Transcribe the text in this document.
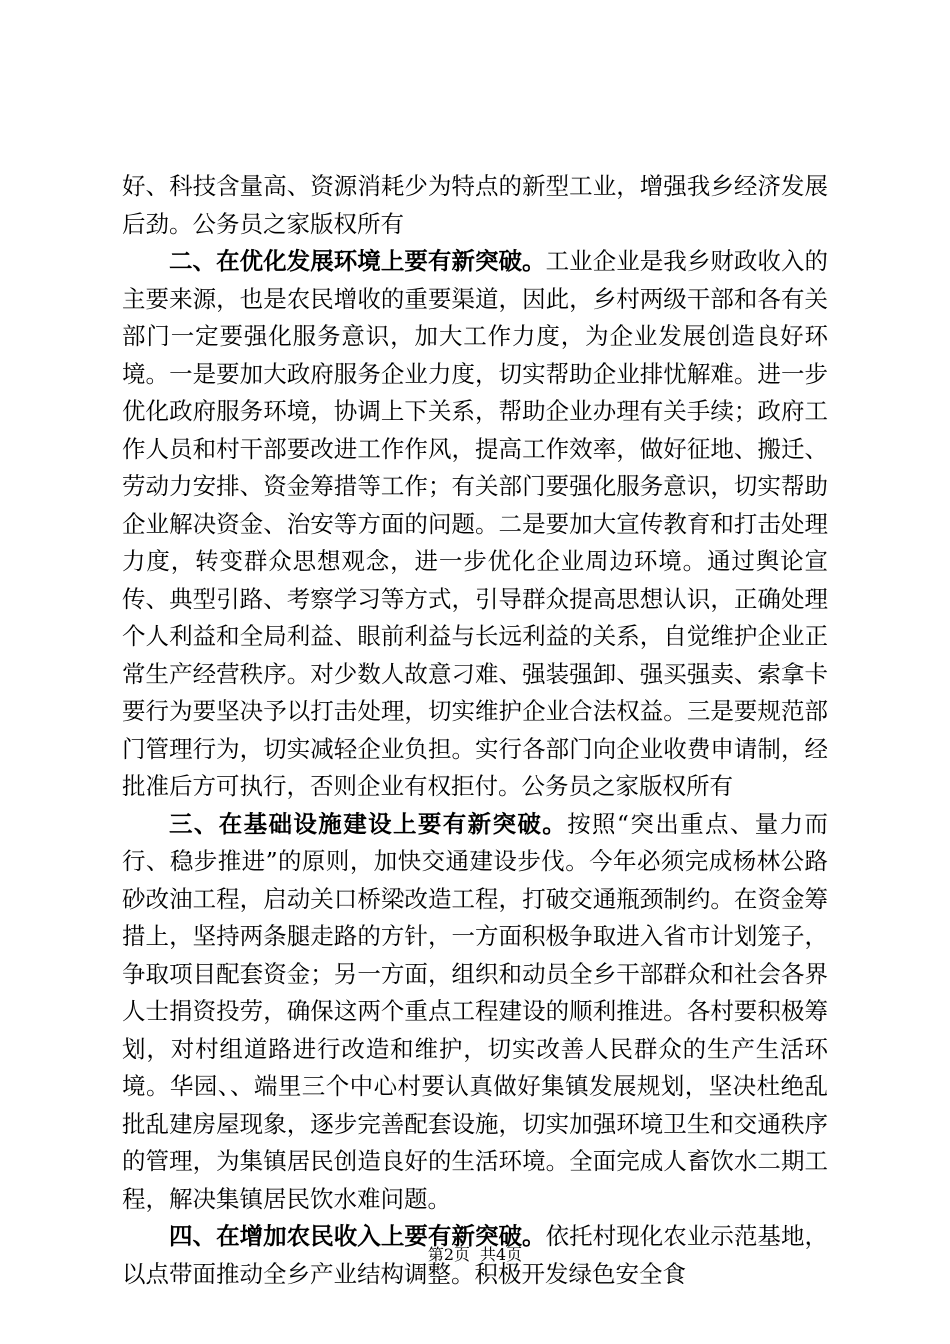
好、科技含量高、资源消耗少为特点的新型工业，增强我乡经济发展后劲。公务员之家版权所有

二、在优化发展环境上要有新突破。工业企业是我乡财政收入的主要来源，也是农民增收的重要渠道，因此，乡村两级干部和各有关部门一定要强化服务意识，加大工作力度，为企业发展创造良好环境。一是要加大政府服务企业力度，切实帮助企业排忧解难。进一步优化政府服务环境，协调上下关系，帮助企业办理有关手续；政府工作人员和村干部要改进工作作风，提高工作效率，做好征地、搬迁、劳动力安排、资金筹措等工作；有关部门要强化服务意识，切实帮助企业解决资金、治安等方面的问题。二是要加大宣传教育和打击处理力度，转变群众思想观念，进一步优化企业周边环境。通过舆论宣传、典型引路、考察学习等方式，引导群众提高思想认识，正确处理个人利益和全局利益、眼前利益与长远利益的关系，自觉维护企业正常生产经营秩序。对少数人故意刁难、强装强卸、强买强卖、索拿卡要行为要坚决予以打击处理，切实维护企业合法权益。三是要规范部门管理行为，切实减轻企业负担。实行各部门向企业收费申请制，经批准后方可执行，否则企业有权拒付。公务员之家版权所有

三、在基础设施建设上要有新突破。按照“突出重点、量力而行、稳步推进”的原则，加快交通建设步伐。今年必须完成杨林公路砂改油工程，启动关口桥梁改造工程，打破交通瓶颈制约。在资金筹措上，坚持两条腿走路的方针，一方面积极争取进入省市计划笼子，争取项目配套资金；另一方面，组织和动员全乡干部群众和社会各界人士捐资投劳，确保这两个重点工程建设的顺利推进。各村要积极筹划，对村组道路进行改造和维护，切实改善人民群众的生产生活环境。华园、、端里三个中心村要认真做好集镇发展规划，坚决杜绝乱批乱建房屋现象，逐步完善配套设施，切实加强环境卫生和交通秩序的管理，为集镇居民创造良好的生活环境。全面完成人畜饮水二期工程，解决集镇居民饮水难问题。

四、在增加农民收入上要有新突破。依托村现化农业示范基地，以点带面推动全乡产业结构调整。积极开发绿色安全食

第2页 共4页
